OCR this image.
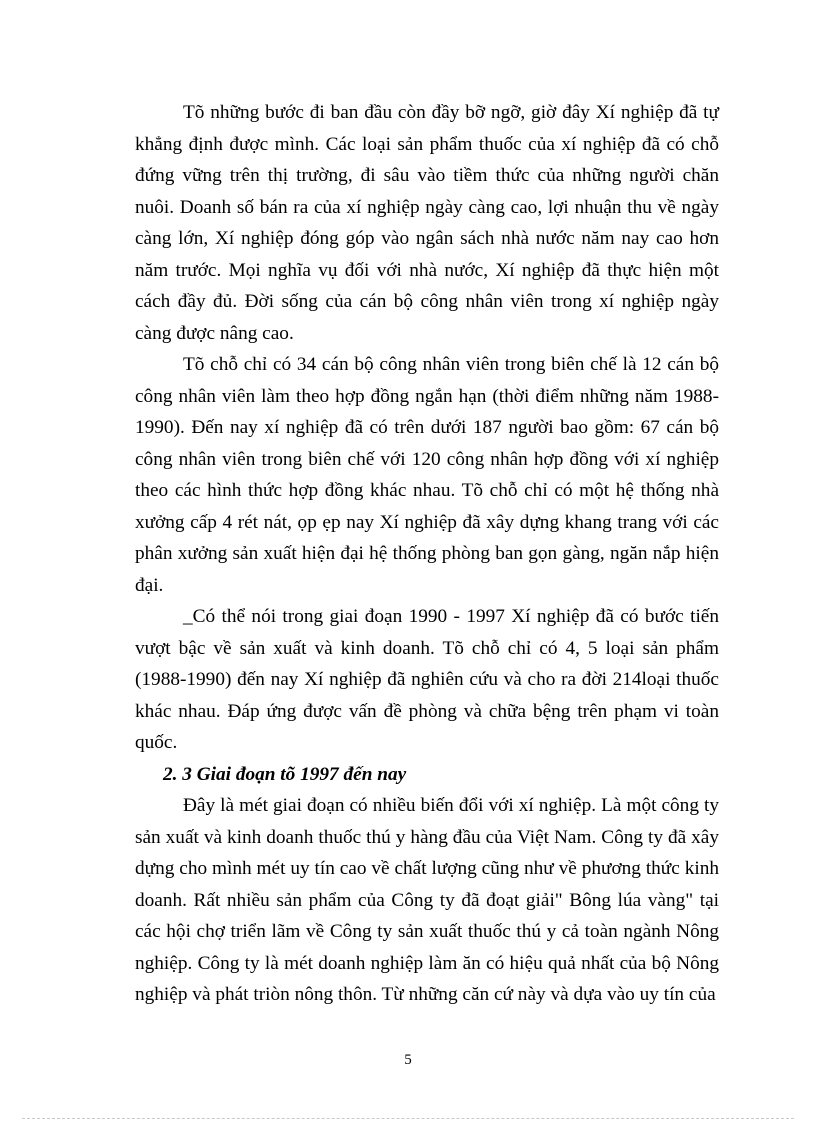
Tõ những bước đi ban đầu còn đầy bỡ ngỡ, giờ đây Xí nghiệp đã tự khẳng định được mình. Các loại sản phẩm thuốc của xí nghiệp đã có chỗ đứng vững trên thị trường, đi sâu vào tiềm thức của những người chăn nuôi. Doanh số bán ra của xí nghiệp ngày càng cao, lợi nhuận thu về ngày càng lớn, Xí nghiệp đóng góp vào ngân sách nhà nước năm nay cao hơn năm trước. Mọi nghĩa vụ đối với nhà nước, Xí nghiệp đã thực hiện một cách đầy đủ. Đời sống của cán bộ công nhân viên trong xí nghiệp ngày càng được nâng cao.

Tõ chỗ chỉ có 34 cán bộ công nhân viên trong biên chế là 12 cán bộ công nhân viên làm theo hợp đồng ngắn hạn (thời điểm những năm 1988-1990). Đến nay xí nghiệp đã có trên dưới 187 người bao gồm: 67 cán bộ công nhân viên trong biên chế với 120 công nhân hợp đồng với xí nghiệp theo các hình thức hợp đồng khác nhau. Tõ chỗ chỉ có một hệ thống nhà xưởng cấp 4 rét nát, ọp ẹp nay Xí nghiệp đã xây dựng khang trang với các phân xưởng sản xuất hiện đại hệ thống phòng ban gọn gàng, ngăn nắp hiện đại.

_Có thể nói trong giai đoạn 1990 - 1997 Xí nghiệp đã có bước tiến vượt bậc về sản xuất và kinh doanh. Tõ chỗ chỉ có 4, 5 loại sản phẩm (1988-1990) đến nay Xí nghiệp đã nghiên cứu và cho ra đời 214loại thuốc khác nhau. Đáp ứng được vấn đề phòng và chữa bệng trên phạm vi toàn quốc.

2. 3 Giai đoạn tõ 1997 đến nay

Đây là mét giai đoạn có nhiều biến đổi với xí nghiệp. Là một công ty sản xuất và kinh doanh thuốc thú y hàng đầu của Việt Nam. Công ty đã xây dựng cho mình mét uy tín cao về chất lượng cũng như về phương thức kinh doanh. Rất nhiều sản phẩm của Công ty đã đoạt giải" Bông lúa vàng" tại các hội chợ triển lãm về Công ty sản xuất thuốc thú y cả toàn ngành Nông nghiệp. Công ty là mét doanh nghiệp làm ăn có hiệu quả nhất của bộ Nông nghiệp và phát triòn nông thôn. Từ những căn cứ này và dựa vào uy tín của

5
